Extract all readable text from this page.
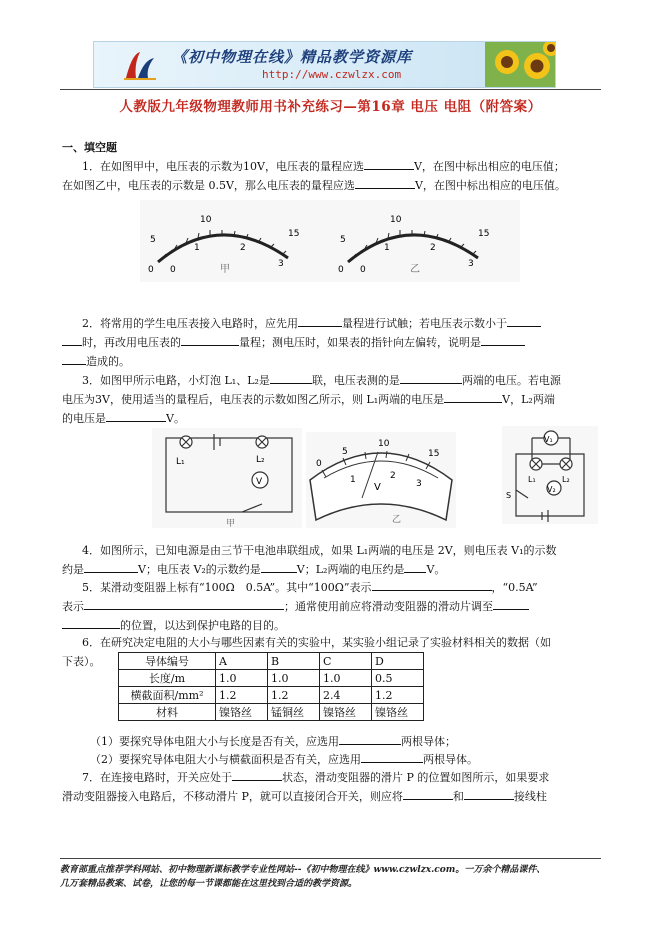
《初中物理在线》精品教学资源库
http://www.czwlzx.com
人教版九年级物理教师用书补充练习—第16章 电压 电阻（附答案）
一、填空题
1．在如图甲中，电压表的示数为10V，电压表的量程应选	V，在图中标出相应的电压值；
在如图乙中，电压表的示数是 0.5V，那么电压表的量程应选	V，在图中标出相应的电压值。
0
5
10
15
0
1	2
3
甲	0
5
10
15
0
1	2
3
乙
2．将常用的学生电压表接入电路时，应先用	量程进行试触；若电压表示数小于
时，再改用电压表的	量程；测电压时，如果表的指针向左偏转，说明是
造成的。
3．如图甲所示电路，小灯泡 L₁、L₂是	联，电压表测的是	两端的电压。若电源
电压为3V，使用适当的量程后，电压表的示数如图乙所示，则 L₁两端的电压是	V，L₂两端
的电压是	V。
V
L₁	L₂
甲
0
5
10
15
1	2
3
V
乙
V₁
V₂
L₁	L₂
S
4．如图所示，已知电源是由三节干电池串联组成，如果 L₁两端的电压是 2V，则电压表 V₁的示数
约是	V；电压表 V₂的示数约是	V；L₂两端的电压约是 V。
5．某滑动变阻器上标有“100Ω　0.5A”。其中“100Ω”表示	，“0.5A”
表示	；通常使用前应将滑动变阻器的滑动片调至
的位置，以达到保护电路的目的。
6．在研究决定电阻的大小与哪些因素有关的实验中，某实验小组记录了实验材料相关的数据（如
下表）。	导体编号	A	B	C	D
长度/m	1.0	1.0	1.0	0.5
横截面积/mm²	1.2	1.2	2.4	1.2
材料	镍铬丝	锰铜丝	镍铬丝	镍铬丝
（1）要探究导体电阻大小与长度是否有关，应选用	两根导体；
（2）要探究导体电阻大小与横截面积是否有关，应选用	两根导体。
7．在连接电路时，开关应处于	状态，滑动变阻器的滑片 P 的位置如图所示，如果要求
滑动变阻器接入电路后，不移动滑片 P，就可以直接闭合开关，则应将	和	接线柱
教育部重点推荐学科网站、初中物理新课标教学专业性网站--《初中物理在线》www.czwlzx.com。一万余个精品课件、
几万套精品教案、试卷，让您的每一节课都能在这里找到合适的教学资源。
